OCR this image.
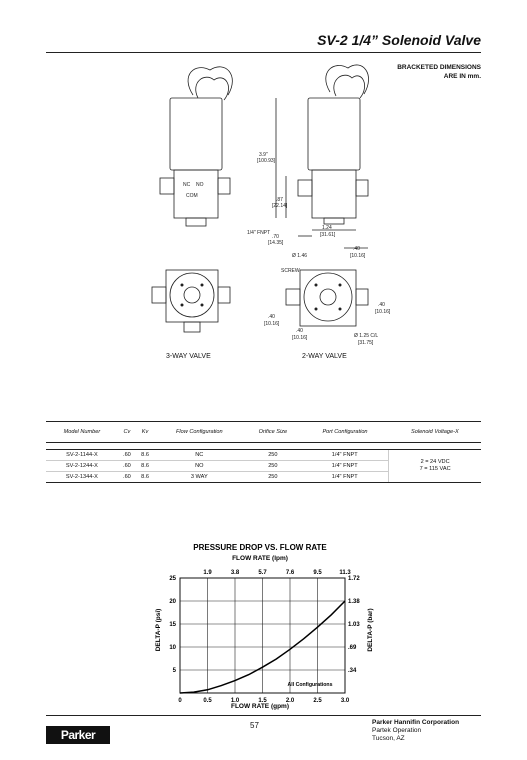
SV-2 1/4” Solenoid Valve
BRACKETED DIMENSIONS
ARE IN mm.
NC NO
COM
3.9"
[100.93]
.87
[22.14]
1/4" FNPT
.70
[14.35]
1.24
[31.61]
.40
[10.16]
Ø 1.46
SCREW
.40
[10.16]
.40
[10.16]
.40
[10.16]	Ø 1.25 C/L
[31.75]
3-WAY VALVE	2-WAY VALVE
Model Number	Cv	Kv	Flow Configuration	Orifice Size	Port Configuration	Solenoid Voltage-X

SV-2-1144-X	.60	8.6	NC	250	1/4" FNPT	2 = 24 VDC
7 = 115 VAC

SV-2-1244-X	.60	8.6	NO	250	1/4" FNPT	
SV-2-1344-X	.60	8.6	3 WAY	250	1/4" FNPT	
PRESSURE DROP VS. FLOW RATE
FLOW RATE (lpm)
0	0.5	1.0	1.5	2.0	2.5	3.0
1.9	3.8	5.7	7.6	9.5	11.3
5	.34
10	.69
15	1.03
20	1.38
25	1.72
All Configurations
FLOW RATE (gpm)
DELTA-P (psi)	DELTA-P (bar)
Parker
57	Parker Hannifin Corporation
Partek Operation
Tucson, AZ
